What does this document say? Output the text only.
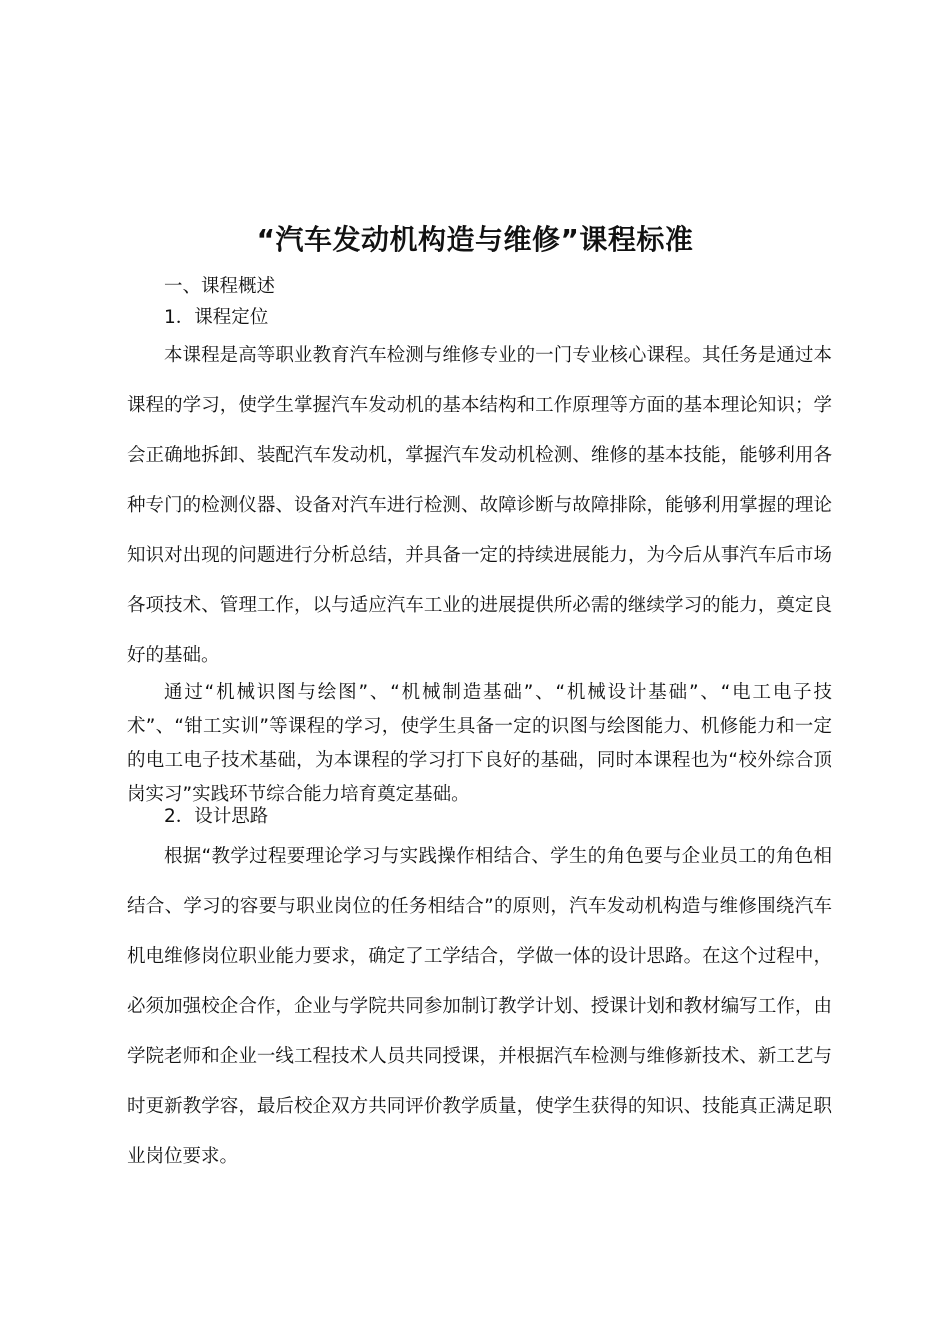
“汽车发动机构造与维修”课程标准
一、课程概述
1．课程定位

本课程是高等职业教育汽车检测与维修专业的一门专业核心课程。其任务是通过本课程的学习，使学生掌握汽车发动机的基本结构和工作原理等方面的基本理论知识；学会正确地拆卸、装配汽车发动机，掌握汽车发动机检测、维修的基本技能，能够利用各种专门的检测仪器、设备对汽车进行检测、故障诊断与故障排除，能够利用掌握的理论知识对出现的问题进行分析总结，并具备一定的持续进展能力，为今后从事汽车后市场各项技术、管理工作，以与适应汽车工业的进展提供所必需的继续学习的能力，奠定良好的基础。

通过“机械识图与绘图”、“机械制造基础”、“机械设计基础”、“电工电子技术”、“钳工实训”等课程的学习，使学生具备一定的识图与绘图能力、机修能力和一定的电工电子技术基础，为本课程的学习打下良好的基础，同时本课程也为“校外综合顶岗实习”实践环节综合能力培育奠定基础。

2．设计思路

根据“教学过程要理论学习与实践操作相结合、学生的角色要与企业员工的角色相结合、学习的容要与职业岗位的任务相结合”的原则，汽车发动机构造与维修围绕汽车机电维修岗位职业能力要求，确定了工学结合，学做一体的设计思路。在这个过程中，必须加强校企合作，企业与学院共同参加制订教学计划、授课计划和教材编写工作，由学院老师和企业一线工程技术人员共同授课，并根据汽车检测与维修新技术、新工艺与时更新教学容，最后校企双方共同评价教学质量，使学生获得的知识、技能真正满足职业岗位要求。
